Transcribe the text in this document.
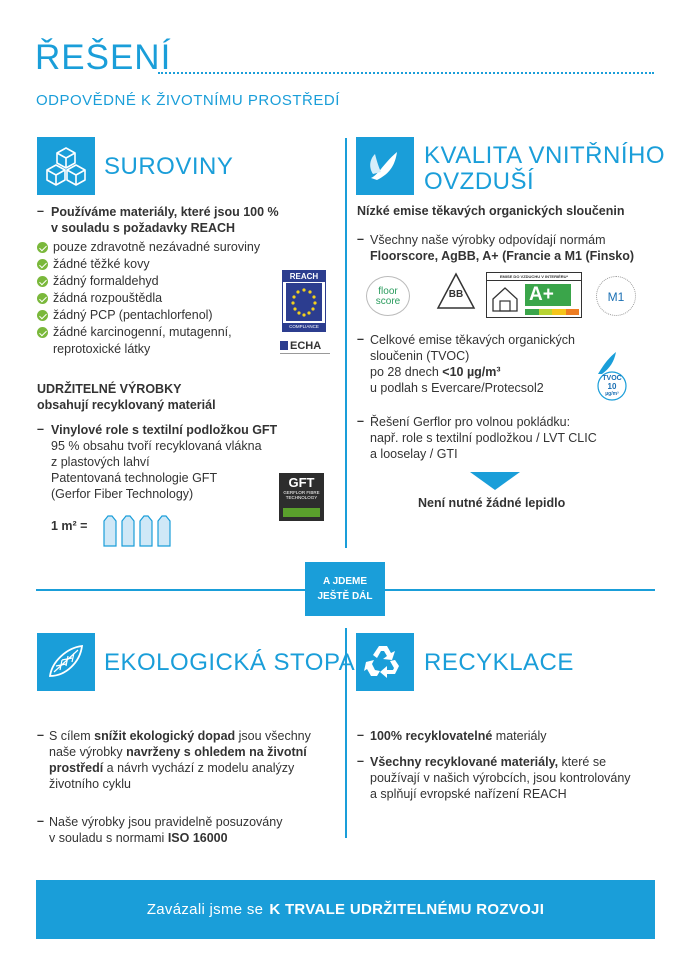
ŘEŠENÍ
ODPOVĚDNÉ K ŽIVOTNÍMU PROSTŘEDÍ
A JDEME
JEŠTĚ DÁL
SUROVINY
– Používáme materiály, které jsou 100 %
v souladu s požadavky REACH
pouze zdravotně nezávadné suroviny
žádné těžké kovy
žádný formaldehyd
žádná rozpouštědla
žádný PCP (pentachlorfenol)
žádné karcinogenní, mutagenní,
reprotoxické látky
REACH
COMPLIANCE
ECHA
UDRŽITELNÉ VÝROBKY
obsahují recyklovaný materiál
– Vinylové role s textilní podložkou GFT
95 % obsahu tvoří recyklovaná vlákna
z plastových lahví
Patentovaná technologie GFT
(Gerfor Fiber Technology)
GFT
GERFLOR FIBRE TECHNOLOGY
1 m² =
KVALITA VNITŘNÍHO
OVZDUŠÍ
Nízké emise těkavých organických sloučenin
– Všechny naše výrobky odpovídají normám
Floorscore, AgBB, A+ (Francie a M1 (Finsko)
floor score
BB
EMISE DO VZDUCHU V INTERIÉRU*
A+	M1
– Celkové emise těkavých organických
sloučenin (TVOC)
po 28 dnech <10 µg/m³
u podlah s Evercare/Protecsol2
TVOC
10
µg/m³
– Řešení Gerflor pro volnou pokládku:
např. role s textilní podložkou / LVT CLIC
a looselay / GTI
Není nutné žádné lepidlo
EKOLOGICKÁ STOPA
– S cílem snížit ekologický dopad jsou všechny
naše výrobky navrženy s ohledem na životní
prostředí a návrh vychází z modelu analýzy
životního cyklu
– Naše výrobky jsou pravidelně posuzovány
v souladu s normami ISO 16000
RECYKLACE
– 100% recyklovatelné materiály
– Všechny recyklované materiály, které se
používají v našich výrobcích, jsou kontrolovány
a splňují evropské nařízení REACH
Zavázali jsme se K TRVALE UDRŽITELNÉMU ROZVOJI
